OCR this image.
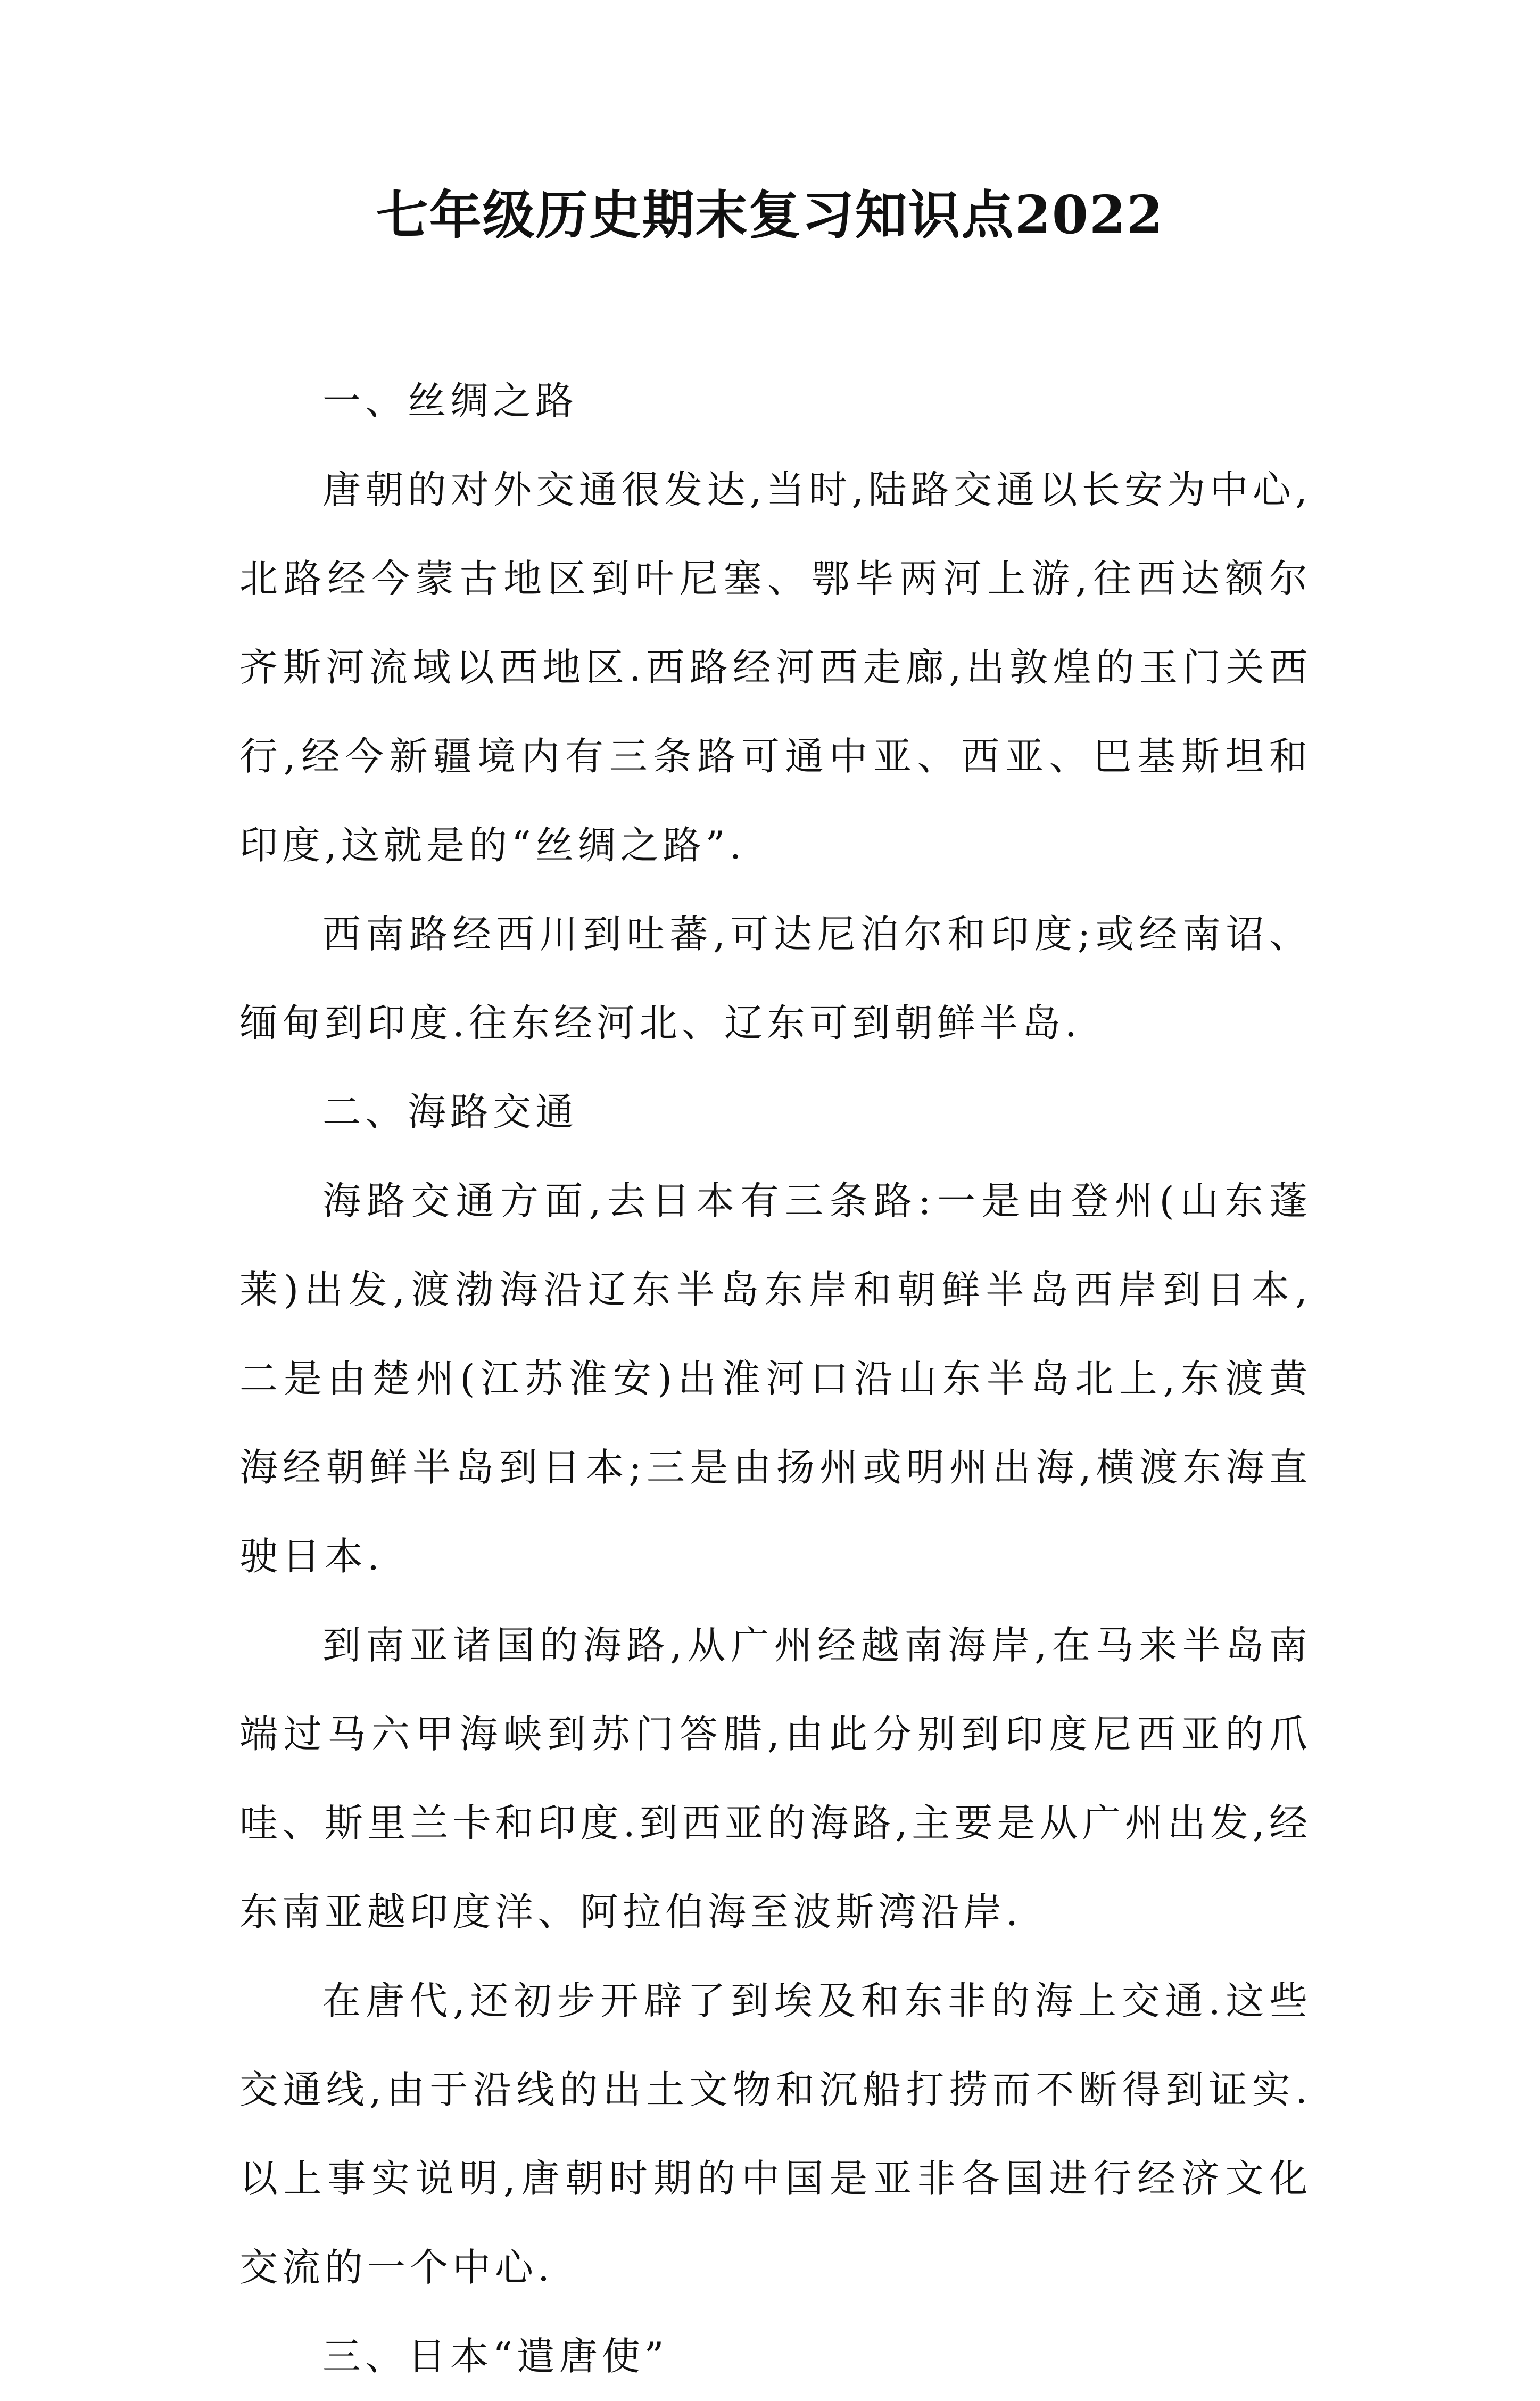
七年级历史期末复习知识点2022

一、丝绸之路

唐朝的对外交通很发达,当时,陆路交通以长安为中心,北路经今蒙古地区到叶尼塞、鄂毕两河上游,往西达额尔齐斯河流域以西地区.西路经河西走廊,出敦煌的玉门关西行,经今新疆境内有三条路可通中亚、西亚、巴基斯坦和印度,这就是的“丝绸之路”.

西南路经西川到吐蕃,可达尼泊尔和印度;或经南诏、缅甸到印度.往东经河北、辽东可到朝鲜半岛.

二、海路交通

海路交通方面,去日本有三条路:一是由登州(山东蓬莱)出发,渡渤海沿辽东半岛东岸和朝鲜半岛西岸到日本,二是由楚州(江苏淮安)出淮河口沿山东半岛北上,东渡黄海经朝鲜半岛到日本;三是由扬州或明州出海,横渡东海直驶日本.

到南亚诸国的海路,从广州经越南海岸,在马来半岛南端过马六甲海峡到苏门答腊,由此分别到印度尼西亚的爪哇、斯里兰卡和印度.到西亚的海路,主要是从广州出发,经东南亚越印度洋、阿拉伯海至波斯湾沿岸.

在唐代,还初步开辟了到埃及和东非的海上交通.这些交通线,由于沿线的出土文物和沉船打捞而不断得到证实.以上事实说明,唐朝时期的中国是亚非各国进行经济文化交流的一个中心.

三、日本“遣唐使”
